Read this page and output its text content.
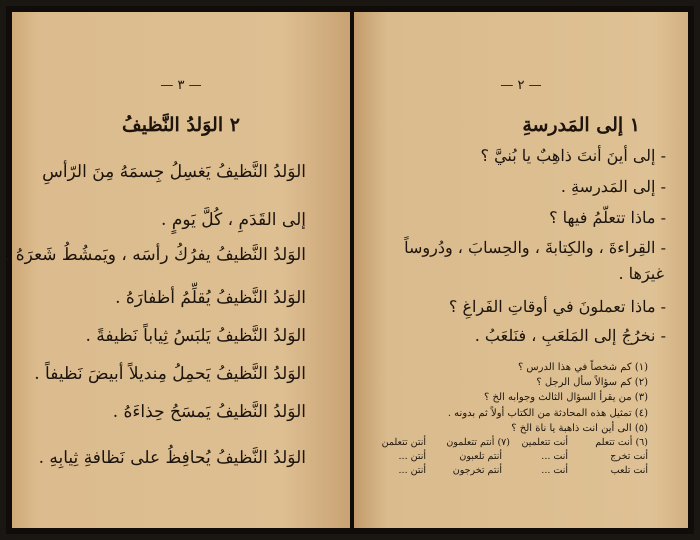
— ٣ —
٢ الوَلدُ النَّظيفُ
الوَلدُ النَّظيفُ يَغسِلُ جِسمَهُ مِنَ الرّأسِ
إلى القَدَمِ ، كُلَّ يَومٍ .
الوَلدُ النَّظيفُ يفرُكُ رأسَه ، ويَمشُطُ شَعرَهُ .
الوَلدُ النَّظيفُ يُقلِّمُ أظفارَهُ .
الوَلدُ النَّظيفُ يَلبَسُ ثِياباً نَظيفةً .
الوَلدُ النَّظيفُ يَحمِلُ مِنديلاً أبيضَ نَظيفاً .
الوَلدُ النَّظيفُ يَمسَحُ حِذاءَهُ .
الوَلدُ النَّظيفُ يُحافِظُ على نَظافةِ ثِيابِهِ .
— ٢ —
١ إلى المَدرسةِ
- إلى أينَ أنتَ ذاهِبٌ يا بُنيَّ ؟
- إلى المَدرسةِ .
- ماذا تتعلّمُ فيها ؟
- القِراءةَ ، والكِتابةَ ، والحِسابَ ، ودُروساً
غيرَها .
- ماذا تعملونَ في أوقاتِ الفَراغِ ؟
- نخرُجُ إلى المَلعَبِ ، فنَلعَبُ .
(١) كم شخصاً في هذا الدرس ؟
(٢) كم سؤالاً سأل الرجل ؟
(٣) من يقرأ السؤال الثالث وجوابه الخ ؟
(٤) تمثيل هذه المحادثة من الكتاب أولاً ثم بدونه .
(٥) الى أين انت ذاهبة يا ناة الخ ؟
(٦) أنت تتعلم
أنت تخرج
أنت تلعب
أنت تتعلمين
أنت ...
أنت ...
(٧) أنتم تتعلمون
أنتم تلعبون
أنتم تخرجون
أنتن تتعلمن
أنتن ...
أنتن ...
